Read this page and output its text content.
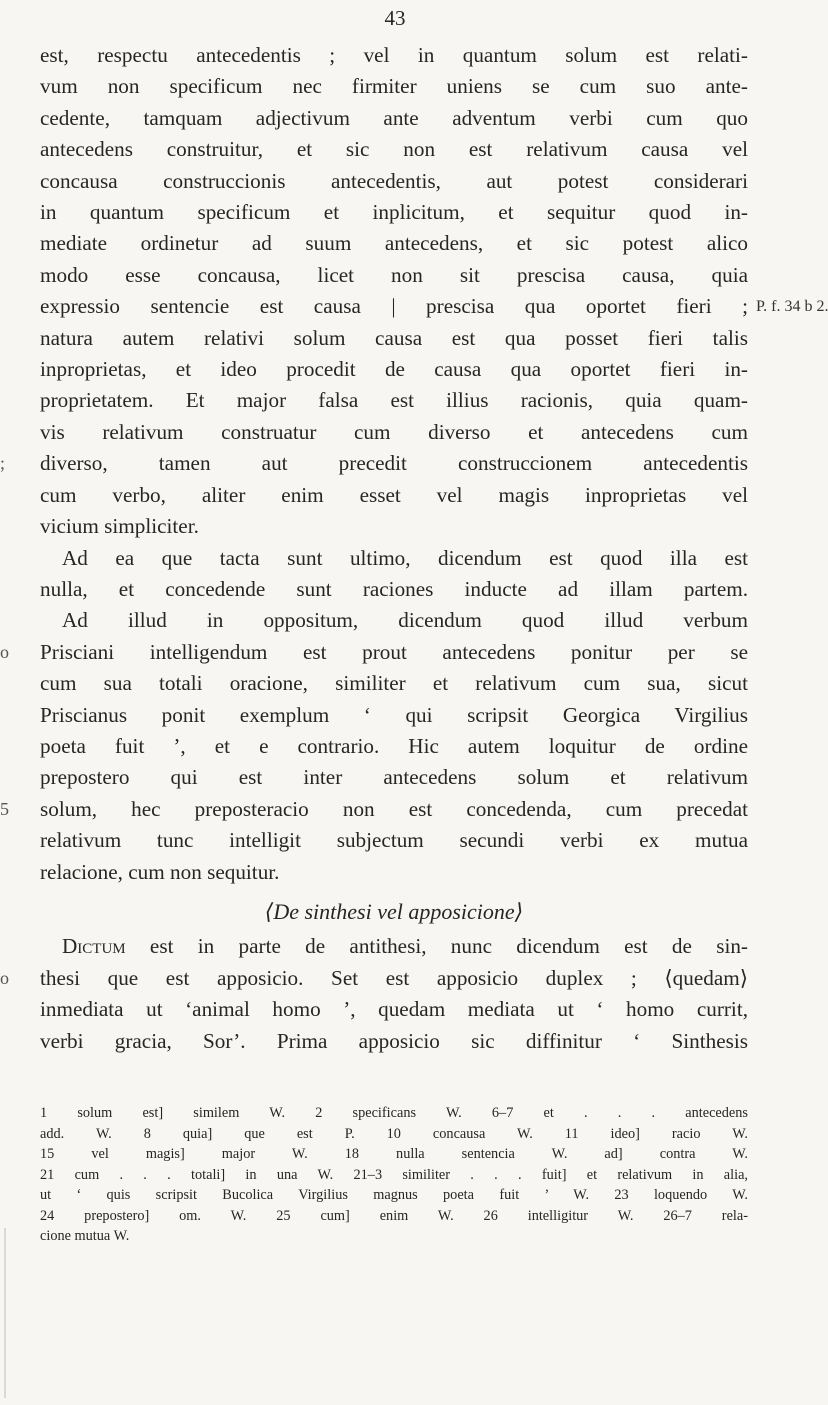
43
est, respectu antecedentis ; vel in quantum solum est relati-
vum non specificum nec firmiter uniens se cum suo ante-
cedente, tamquam adjectivum ante adventum verbi cum quo
antecedens construitur, et sic non est relativum causa vel
concausa construccionis antecedentis, aut potest considerari
in quantum specificum et inplicitum, et sequitur quod in-
mediate ordinetur ad suum antecedens, et sic potest alico
modo esse concausa, licet non sit prescisa causa, quia
expressio sentencie est causa | prescisa qua oportet fieri ; P. f. 34 b 2.
natura autem relativi solum causa est qua posset fieri talis
inproprietas, et ideo procedit de causa qua oportet fieri in-
proprietatem. Et major falsa est illius racionis, quia quam-
vis relativum construatur cum diverso et antecedens cum
;	diverso, tamen aut precedit construccionem antecedentis
cum verbo, aliter enim esset vel magis inproprietas vel
vicium simpliciter.
Ad ea que tacta sunt ultimo, dicendum est quod illa est
nulla, et concedende sunt raciones inducte ad illam partem.
Ad illud in oppositum, dicendum quod illud verbum
o	Prisciani intelligendum est prout antecedens ponitur per se
cum sua totali oracione, similiter et relativum cum sua, sicut
Priscianus ponit exemplum ‘ qui scripsit Georgica Virgilius
poeta fuit ’, et e contrario. Hic autem loquitur de ordine
prepostero qui est inter antecedens solum et relativum
5	solum, hec preposteracio non est concedenda, cum precedat
relativum tunc intelligit subjectum secundi verbi ex mutua
relacione, cum non sequitur.
⟨De sinthesi vel apposicione⟩
Dictum est in parte de antithesi, nunc dicendum est de sin-
o	thesi que est apposicio. Set est apposicio duplex ; ⟨quedam⟩
inmediata ut ‘animal homo ’, quedam mediata ut ‘ homo currit,
verbi gracia, Sor’. Prima apposicio sic diffinitur ‘ Sinthesis
1 solum est] similem W. 2 specificans W. 6–7 et . . . antecedens
add. W. 8 quia] que est P. 10 concausa W. 11 ideo] racio W.
15 vel magis] major W. 18 nulla sentencia W. ad] contra W.
21 cum . . . totali] in una W. 21–3 similiter . . . fuit] et relativum in alia,
ut ‘ quis scripsit Bucolica Virgilius magnus poeta fuit ’ W. 23 loquendo W.
24 prepostero] om. W. 25 cum] enim W. 26 intelligitur W. 26–7 rela-
cione mutua W.
